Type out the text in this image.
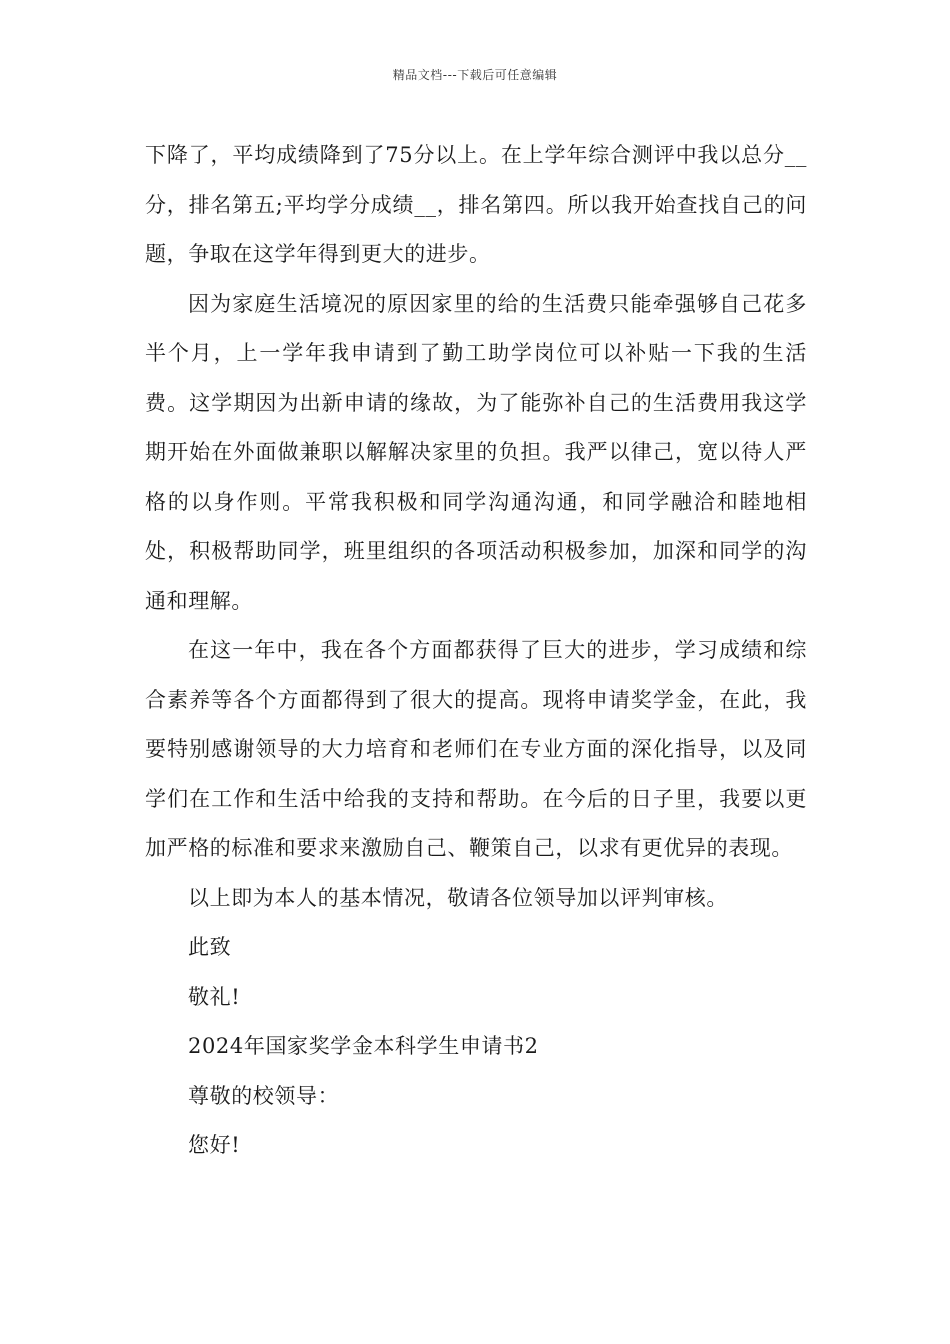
精品文档---下载后可任意编辑

下降了，平均成绩降到了75分以上。在上学年综合测评中我以总分__分，排名第五;平均学分成绩__，排名第四。所以我开始查找自己的问题，争取在这学年得到更大的进步。

因为家庭生活境况的原因家里的给的生活费只能牵强够自己花多半个月，上一学年我申请到了勤工助学岗位可以补贴一下我的生活费。这学期因为出新申请的缘故，为了能弥补自己的生活费用我这学期开始在外面做兼职以解解决家里的负担。我严以律己，宽以待人严格的以身作则。平常我积极和同学沟通沟通，和同学融洽和睦地相处，积极帮助同学，班里组织的各项活动积极参加，加深和同学的沟通和理解。

在这一年中，我在各个方面都获得了巨大的进步，学习成绩和综合素养等各个方面都得到了很大的提高。现将申请奖学金，在此，我要特别感谢领导的大力培育和老师们在专业方面的深化指导，以及同学们在工作和生活中给我的支持和帮助。在今后的日子里，我要以更加严格的标准和要求来激励自己、鞭策自己，以求有更优异的表现。

以上即为本人的基本情况，敬请各位领导加以评判审核。

此致

敬礼!

2024年国家奖学金本科学生申请书2

尊敬的校领导：

您好!
